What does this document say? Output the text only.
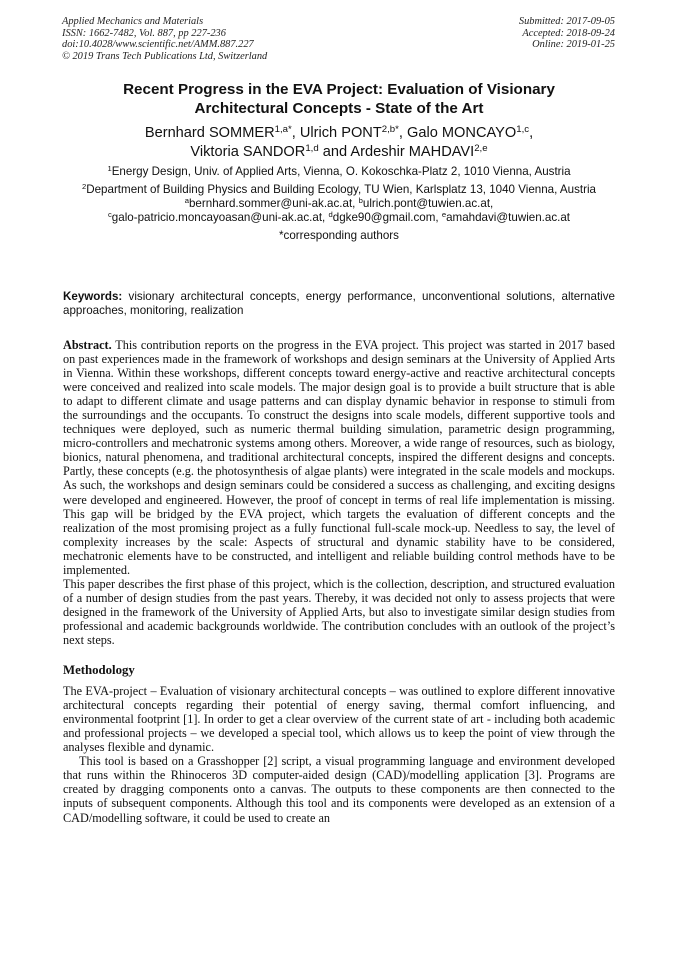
Applied Mechanics and Materials
ISSN: 1662-7482, Vol. 887, pp 227-236
doi:10.4028/www.scientific.net/AMM.887.227
© 2019 Trans Tech Publications Ltd, Switzerland
Submitted: 2017-09-05
Accepted: 2018-09-24
Online: 2019-01-25
Recent Progress in the EVA Project: Evaluation of Visionary
Architectural Concepts - State of the Art
Bernhard $SOMMER^{1,a*}$, Ulrich $PONT^{2,b*}$, Galo MONCAYO$^{1,c}$,
Viktoria SANDOR$^{1,d}$ and Ardeshir MAHDAVI$^{2,e}$

$^1$Energy Design, Univ. of Applied Arts, Vienna, O. Kokoschka-Platz 2, 1010 Vienna, Austria

$^2$Department of Building Physics and Building Ecology, TU Wien, Karlsplatz 13, 1040 Vienna, Austria

$^a$bernhard.sommer@uni-ak.ac.at, $^b$ulrich.pont@tuwien.ac.at,

$^c$galo-patricio.moncayoasan@uni-ak.ac.at, $^d$dgke90@gmail.com, $^e$amahdavi@tuwien.ac.at

*corresponding authors

Keywords: visionary architectural concepts, energy performance, unconventional solutions, alternative approaches, monitoring, realization

Abstract. This contribution reports on the progress in the EVA project. This project was started in 2017 based on past experiences made in the framework of workshops and design seminars at the University of Applied Arts in Vienna. Within these workshops, different concepts toward energy-active and reactive architectural concepts were conceived and realized into scale models. The major design goal is to provide a built structure that is able to adapt to different climate and usage patterns and can display dynamic behavior in response to stimuli from the surroundings and the occupants. To construct the designs into scale models, different supportive tools and techniques were deployed, such as numeric thermal building simulation, parametric design programming, micro-controllers and mechatronic systems among others. Moreover, a wide range of resources, such as biology, bionics, natural phenomena, and traditional architectural concepts, inspired the different designs and concepts. Partly, these concepts (e.g. the photosynthesis of algae plants) were integrated in the scale models and mockups. As such, the workshops and design seminars could be considered a success as challenging, and exciting designs were developed and engineered. However, the proof of concept in terms of real life implementation is missing. This gap will be bridged by the EVA project, which targets the evaluation of different concepts and the realization of the most promising project as a fully functional full-scale mock-up. Needless to say, the level of complexity increases by the scale: Aspects of structural and dynamic stability have to be considered, mechatronic elements have to be constructed, and intelligent and reliable building control methods have to be implemented.

This paper describes the first phase of this project, which is the collection, description, and structured evaluation of a number of design studies from the past years. Thereby, it was decided not only to assess projects that were designed in the framework of the University of Applied Arts, but also to investigate similar design studies from professional and academic backgrounds worldwide. The contribution concludes with an outlook of the project’s next steps.

Methodology

The EVA-project – Evaluation of visionary architectural concepts – was outlined to explore different innovative architectural concepts regarding their potential of energy saving, thermal comfort influencing, and environmental footprint [1]. In order to get a clear overview of the current state of art - including both academic and professional projects – we developed a special tool, which allows us to keep the point of view through the analyses flexible and dynamic.

This tool is based on a Grasshopper [2] script, a visual programming language and environment developed that runs within the Rhinoceros 3D computer-aided design (CAD)/modelling application [3]. Programs are created by dragging components onto a canvas. The outputs to these components are then connected to the inputs of subsequent components. Although this tool and its components were developed as an extension of a CAD/modelling software, it could be used to create an
